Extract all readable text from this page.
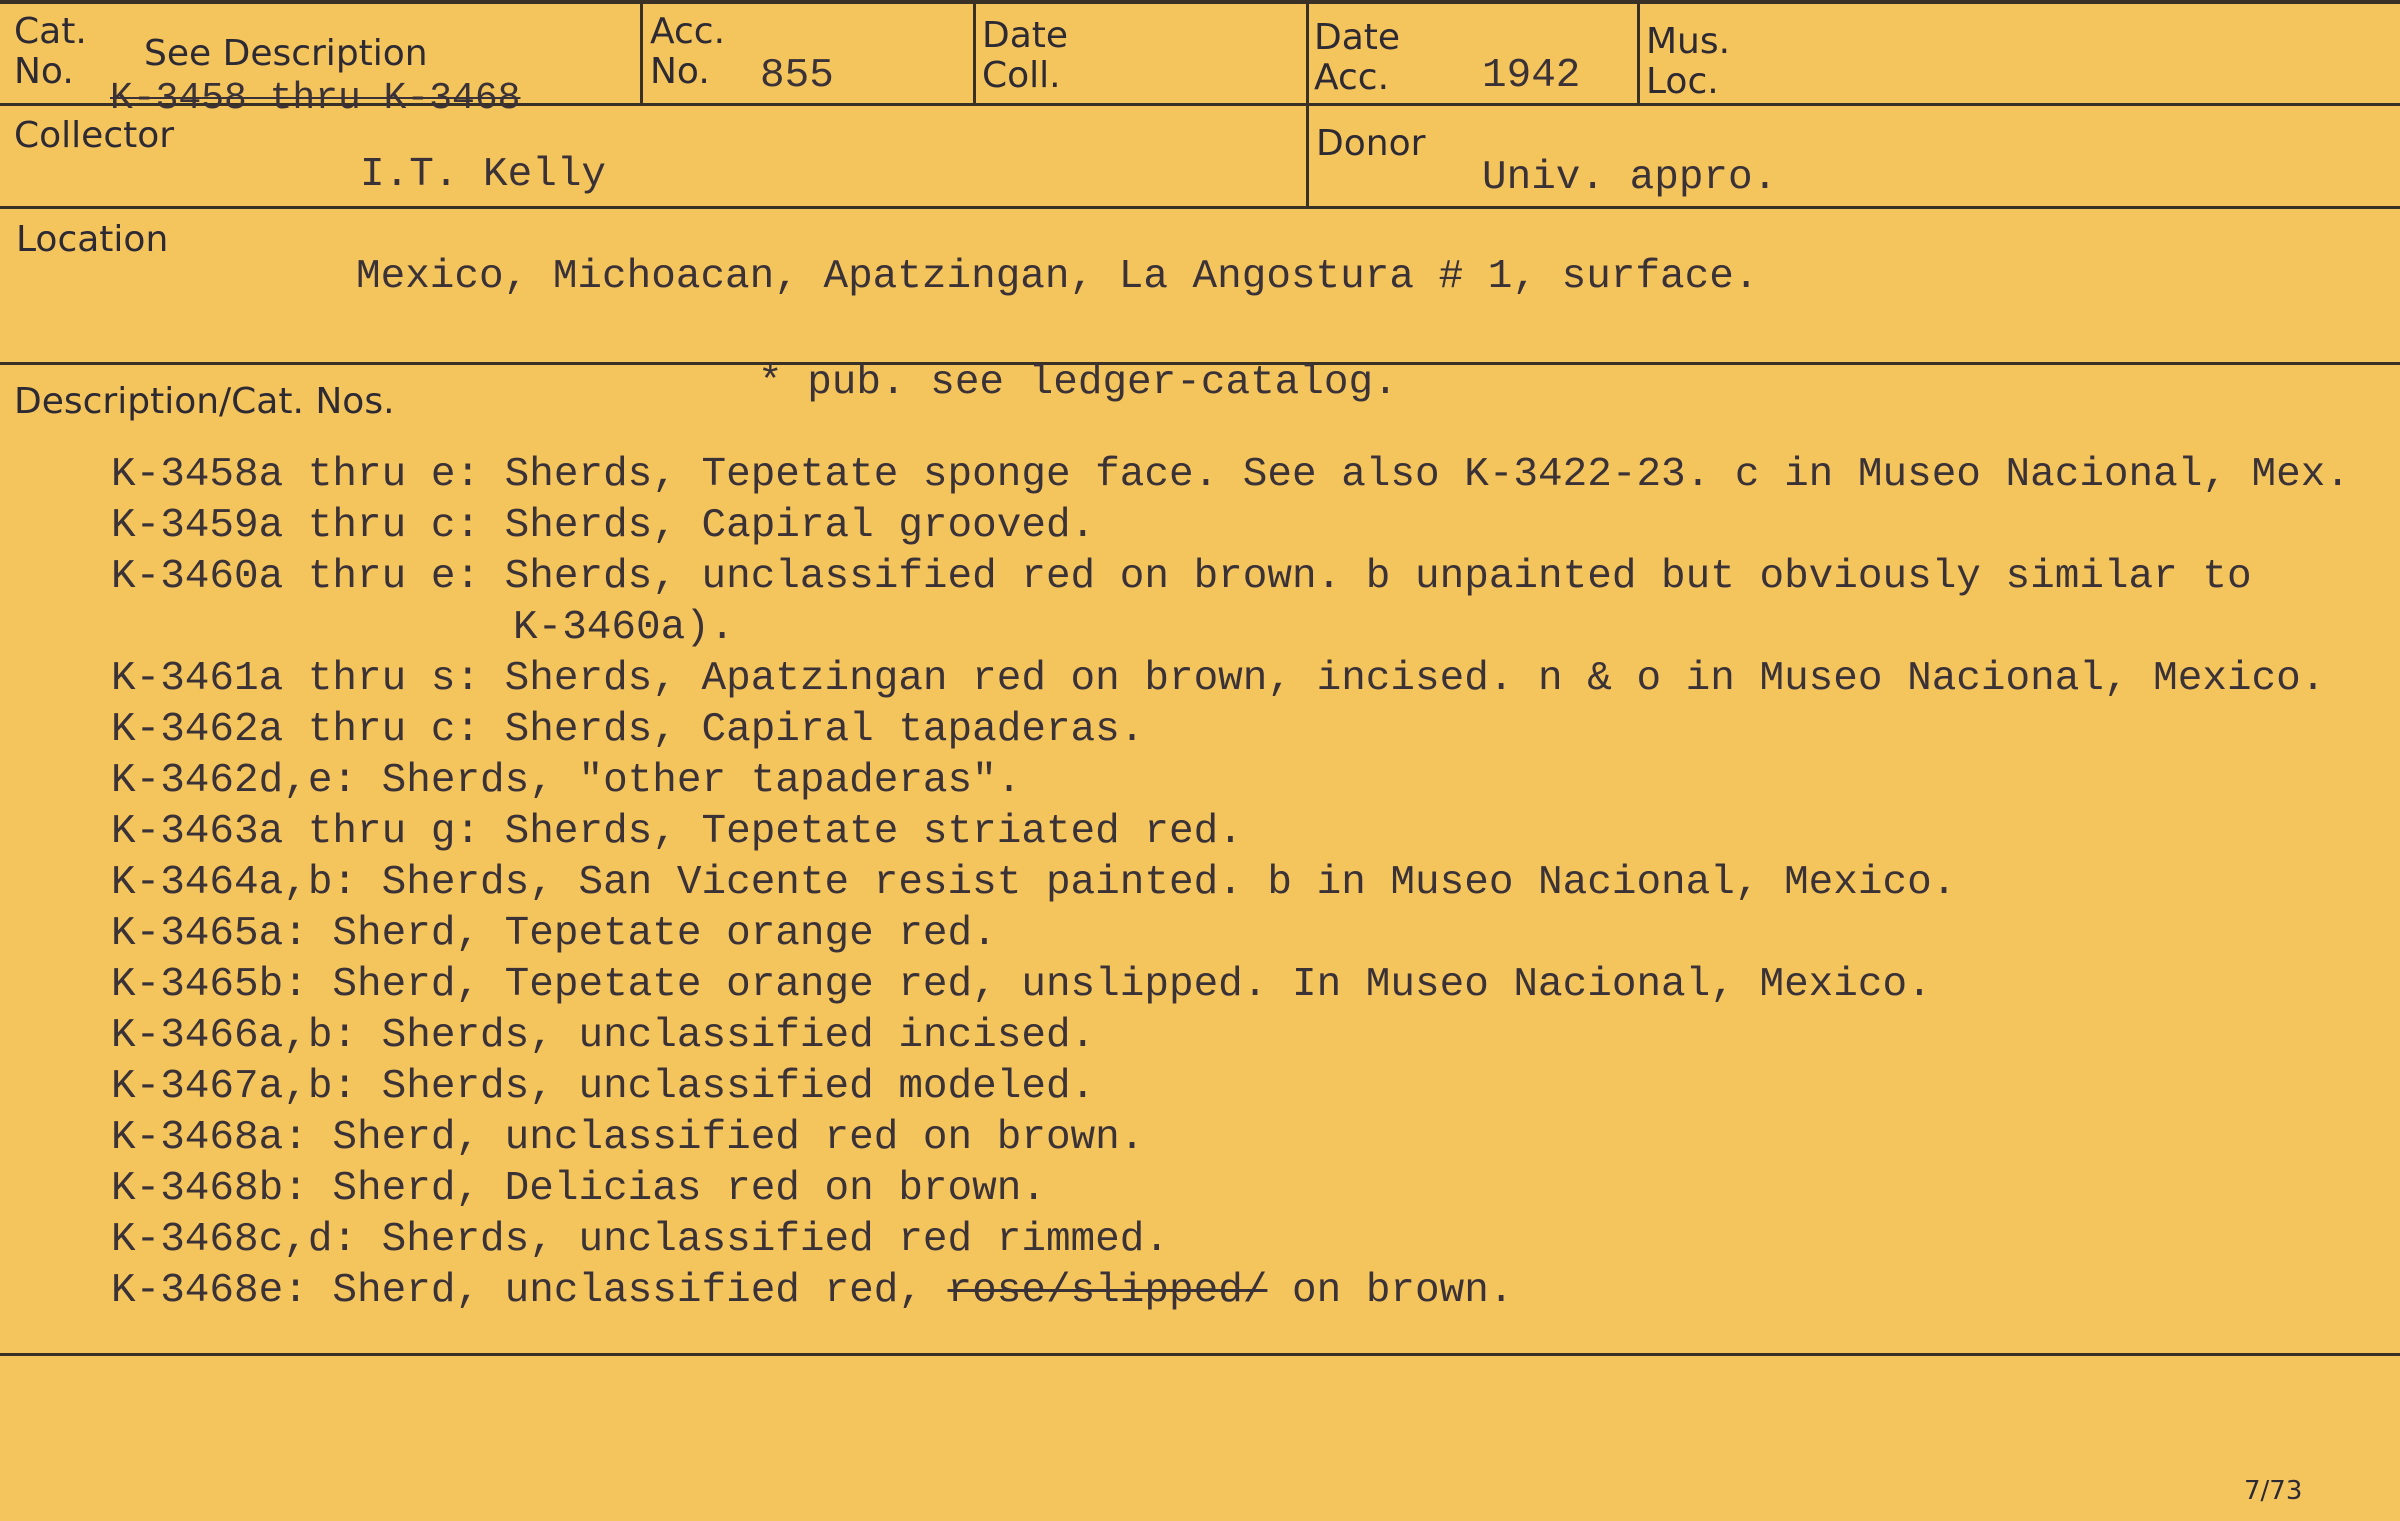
Cat.
No.	See Description
K-3458 thru K-3468
Acc.
No.	855
Date
Coll.
Date
Acc. 1942
Mus.
Loc.
Collector
I.T. Kelly
Donor
Univ. appro.
Location
Mexico, Michoacan, Apatzingan, La Angostura # 1, surface.
Description/Cat. Nos.	* pub. see ledger-catalog.
K-3458a thru e: Sherds, Tepetate sponge face. See also K-3422-23. c in Museo Nacional, Mex.
K-3459a thru c: Sherds, Capiral grooved.
K-3460a thru e: Sherds, unclassified red on brown. b unpainted but obviously similar to
K-3460a).
K-3461a thru s: Sherds, Apatzingan red on brown, incised. n & o in Museo Nacional, Mexico.
K-3462a thru c: Sherds, Capiral tapaderas.
K-3462d,e: Sherds, "other tapaderas".
K-3463a thru g: Sherds, Tepetate striated red.
K-3464a,b: Sherds, San Vicente resist painted. b in Museo Nacional, Mexico.
K-3465a: Sherd, Tepetate orange red.
K-3465b: Sherd, Tepetate orange red, unslipped. In Museo Nacional, Mexico.
K-3466a,b: Sherds, unclassified incised.
K-3467a,b: Sherds, unclassified modeled.
K-3468a: Sherd, unclassified red on brown.
K-3468b: Sherd, Delicias red on brown.
K-3468c,d: Sherds, unclassified red rimmed.
K-3468e: Sherd, unclassified red, rose/slipped/ on brown.
7/73
